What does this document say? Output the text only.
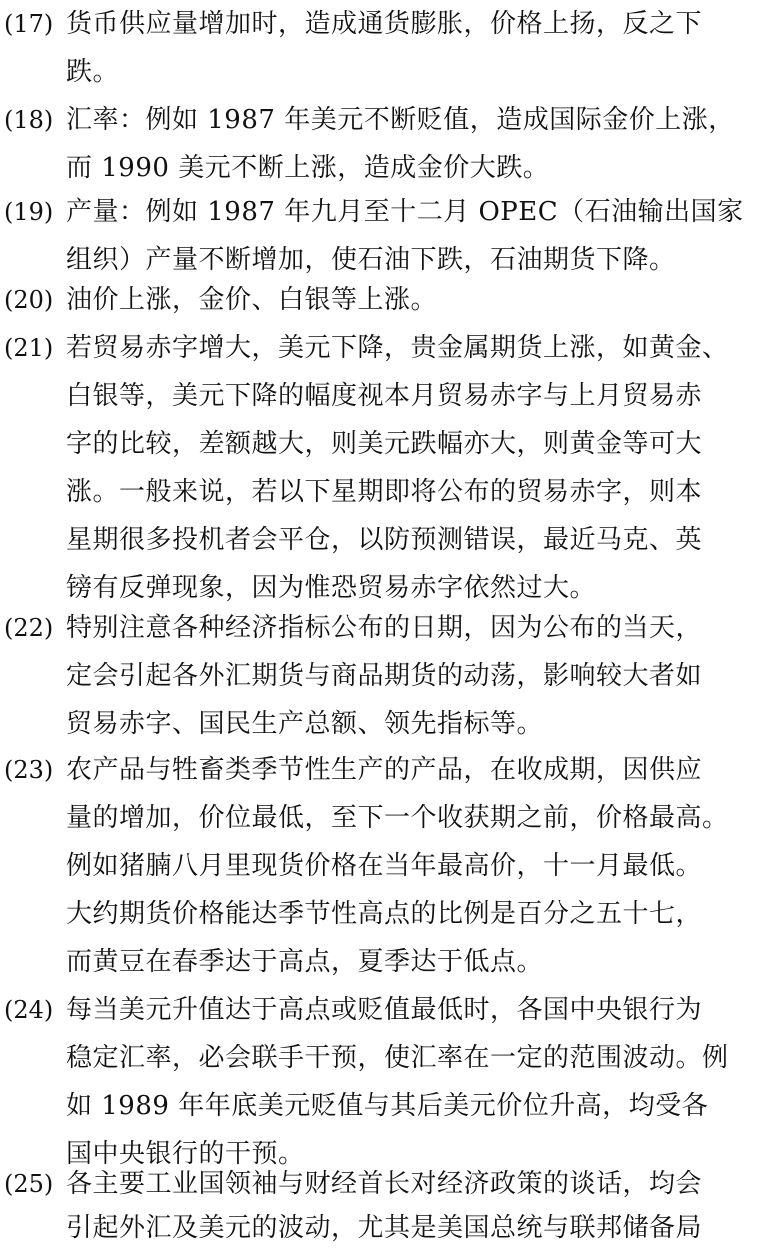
(17) 货币供应量增加时，造成通货膨胀，价格上扬，反之下
跌。
(18) 汇率：例如 1987 年美元不断贬值，造成国际金价上涨，
而 1990 美元不断上涨，造成金价大跌。
(19) 产量：例如 1987 年九月至十二月 OPEC（石油输出国家
组织）产量不断增加，使石油下跌，石油期货下降。
(20) 油价上涨，金价、白银等上涨。
(21) 若贸易赤字增大，美元下降，贵金属期货上涨，如黄金、
白银等，美元下降的幅度视本月贸易赤字与上月贸易赤
字的比较，差额越大，则美元跌幅亦大，则黄金等可大
涨。一般来说，若以下星期即将公布的贸易赤字，则本
星期很多投机者会平仓，以防预测错误，最近马克、英
镑有反弹现象，因为惟恐贸易赤字依然过大。
(22) 特别注意各种经济指标公布的日期，因为公布的当天，
定会引起各外汇期货与商品期货的动荡，影响较大者如
贸易赤字、国民生产总额、领先指标等。
(23) 农产品与牲畜类季节性生产的产品，在收成期，因供应
量的增加，价位最低，至下一个收获期之前，价格最高。
例如猪腩八月里现货价格在当年最高价，十一月最低。
大约期货价格能达季节性高点的比例是百分之五十七，
而黄豆在春季达于高点，夏季达于低点。
(24) 每当美元升值达于高点或贬值最低时，各国中央银行为
稳定汇率，必会联手干预，使汇率在一定的范围波动。例
如 1989 年年底美元贬值与其后美元价位升高，均受各
国中央银行的干预。
(25) 各主要工业国领袖与财经首长对经济政策的谈话，均会
引起外汇及美元的波动，尤其是美国总统与联邦储备局
